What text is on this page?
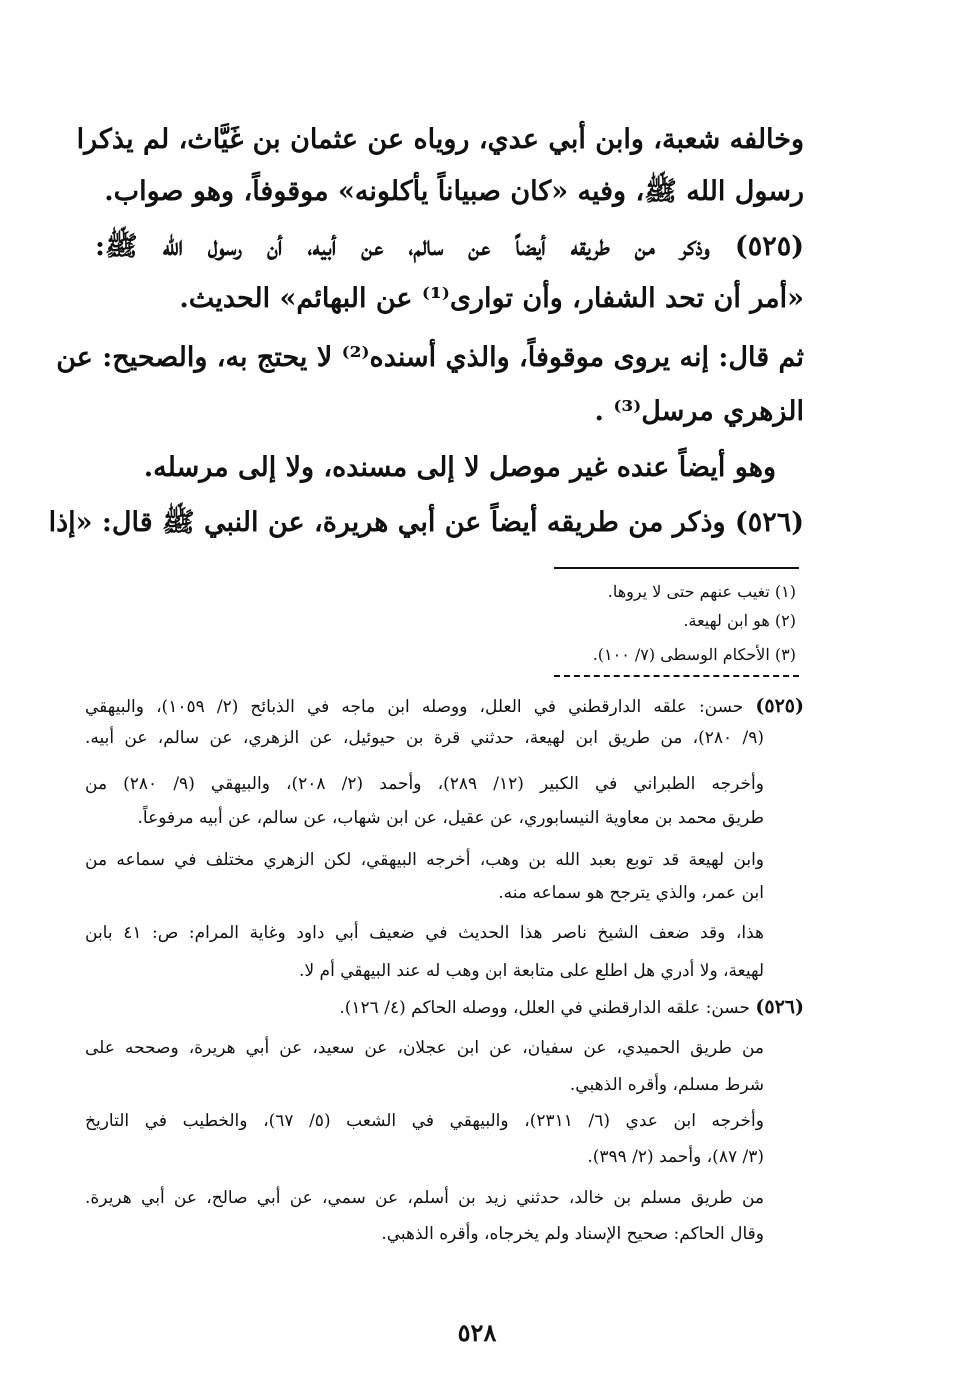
وخالفه شعبة، وابن أبي عدي، روياه عن عثمان بن غَيَّاث، لم يذكرا
رسول الله ﷺ، وفيه «كان صبياناً يأكلونه» موقوفاً، وهو صواب.
(٥٢٥) وذكر من طريقه أيضاً عن سالم، عن أبيه، أن رسول الله ﷺ:
«أمر أن تحد الشفار، وأن توارى⁽¹⁾ عن البهائم» الحديث.
ثم قال: إنه يروى موقوفاً، والذي أسنده⁽²⁾ لا يحتج به، والصحيح: عن
الزهري مرسل⁽³⁾ .
وهو أيضاً عنده غير موصل لا إلى مسنده، ولا إلى مرسله.
(٥٢٦) وذكر من طريقه أيضاً عن أبي هريرة، عن النبي ﷺ قال: «إذا
(١) تغيب عنهم حتى لا يروها.
(٢) هو ابن لهيعة.
(٣) الأحكام الوسطى (٧/ ١٠٠).
(٥٢٥) حسن: علقه الدارقطني في العلل، ووصله ابن ماجه في الذبائح (٢/ ١٠٥٩)، والبيهقي
(٩/ ٢٨٠)، من طريق ابن لهيعة، حدثني قرة بن حيوئيل، عن الزهري، عن سالم، عن أبيه.
وأخرجه الطبراني في الكبير (١٢/ ٢٨٩)، وأحمد (٢/ ٢٠٨)، والبيهقي (٩/ ٢٨٠) من
طريق محمد بن معاوية النيسابوري، عن عقيل، عن ابن شهاب، عن سالم، عن أبيه مرفوعاً.
وابن لهيعة قد توبع بعبد الله بن وهب، أخرجه البيهقي، لكن الزهري مختلف في سماعه من
ابن عمر، والذي يترجح هو سماعه منه.
هذا، وقد ضعف الشيخ ناصر هذا الحديث في ضعيف أبي داود وغاية المرام: ص: ٤١ بابن
لهيعة، ولا أدري هل اطلع على متابعة ابن وهب له عند البيهقي أم لا.
(٥٢٦) حسن: علقه الدارقطني في العلل، ووصله الحاكم (٤/ ١٢٦).
من طريق الحميدي، عن سفيان، عن ابن عجلان، عن سعيد، عن أبي هريرة، وصححه على
شرط مسلم، وأقره الذهبي.
وأخرجه ابن عدي (٦/ ٢٣١١)، والبيهقي في الشعب (٥/ ٦٧)، والخطيب في التاريخ
(٣/ ٨٧)، وأحمد (٢/ ٣٩٩).
من طريق مسلم بن خالد، حدثني زيد بن أسلم، عن سمي، عن أبي صالح، عن أبي هريرة.
وقال الحاكم: صحيح الإسناد ولم يخرجاه، وأقره الذهبي.
٥٢٨
